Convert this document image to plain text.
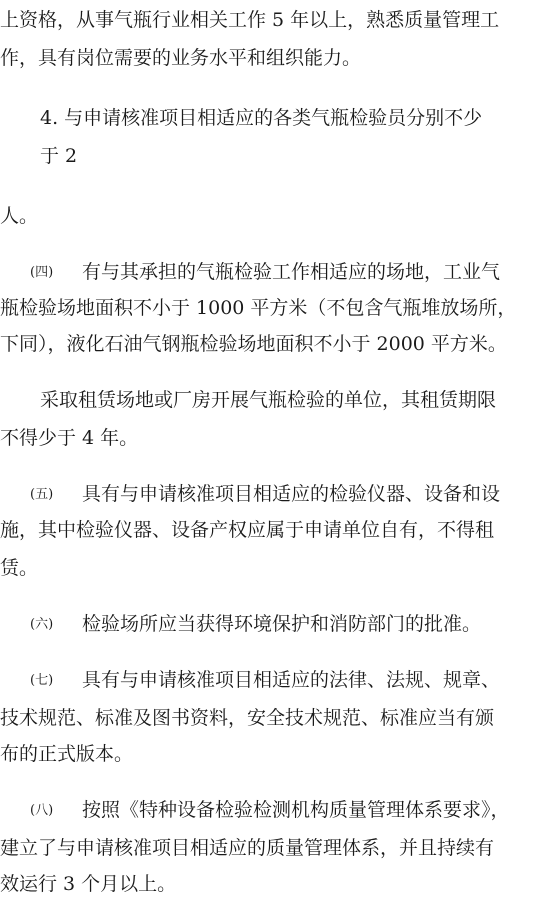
上资格，从事气瓶行业相关工作 5 年以上，熟悉质量管理工
作，具有岗位需要的业务水平和组织能力。
4. 与申请核准项目相适应的各类气瓶检验员分别不少
于 2
人。
(四) 有与其承担的气瓶检验工作相适应的场地，工业气
瓶检验场地面积不小于 1000 平方米（不包含气瓶堆放场所，
下同），液化石油气钢瓶检验场地面积不小于 2000 平方米。
采取租赁场地或厂房开展气瓶检验的单位，其租赁期限
不得少于 4 年。
(五) 具有与申请核准项目相适应的检验仪器、设备和设
施，其中检验仪器、设备产权应属于申请单位自有，不得租
赁。
(六) 检验场所应当获得环境保护和消防部门的批准。
(七) 具有与申请核准项目相适应的法律、法规、规章、
技术规范、标准及图书资料，安全技术规范、标准应当有颁
布的正式版本。
(八) 按照《特种设备检验检测机构质量管理体系要求》，
建立了与申请核准项目相适应的质量管理体系，并且持续有
效运行 3 个月以上。
